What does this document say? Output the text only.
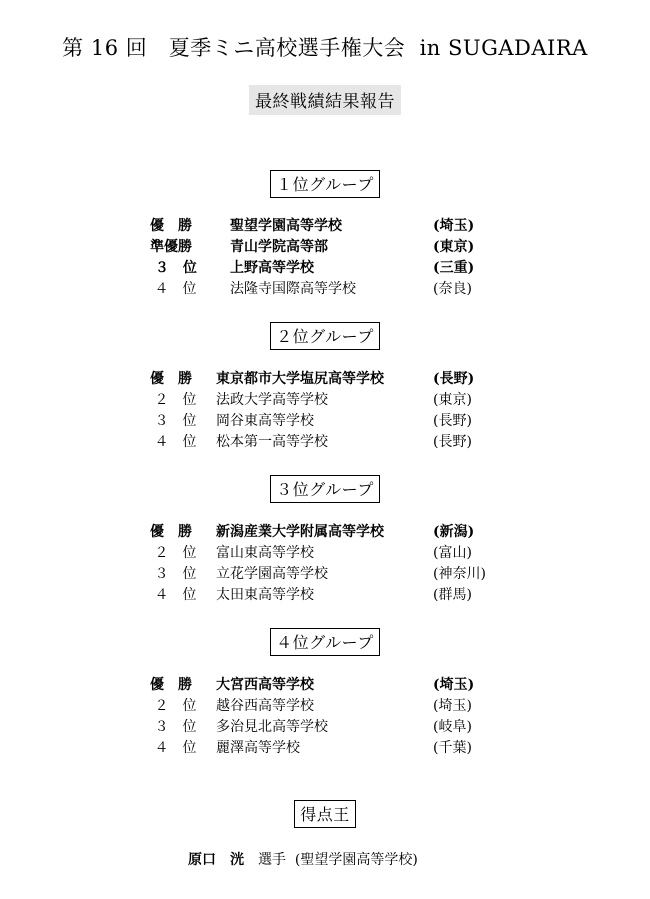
第 16 回　夏季ミニ高校選手権大会  in SUGADAIRA
最終戦績結果報告
１位グループ
優　勝	聖望学園高等学校	(埼玉)
準優勝	青山学院高等部	(東京)
３　位	上野高等学校	(三重)
４　位	法隆寺国際高等学校	(奈良)
２位グループ
優　勝	東京都市大学塩尻高等学校	(長野)
２　位	法政大学高等学校	(東京)
３　位	岡谷東高等学校	(長野)
４　位	松本第一高等学校	(長野)
３位グループ
優　勝	新潟産業大学附属高等学校	(新潟)
２　位	富山東高等学校	(富山)
３　位	立花学園高等学校	(神奈川)
４　位	太田東高等学校	(群馬)
４位グループ
優　勝	大宮西高等学校	(埼玉)
２　位	越谷西高等学校	(埼玉)
３　位	多治見北高等学校	(岐阜)
４　位	麗澤高等学校	(千葉)
得点王
原口　洸　 選手 (聖望学園高等学校)
